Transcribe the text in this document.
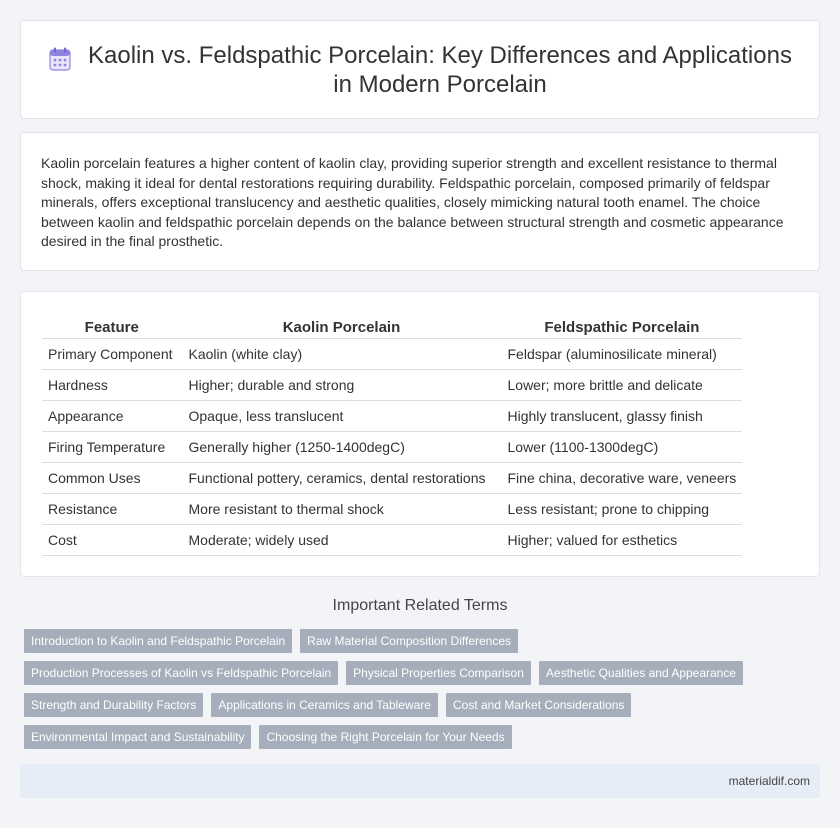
Kaolin vs. Feldspathic Porcelain: Key Differences and Applications in Modern Porcelain

Kaolin porcelain features a higher content of kaolin clay, providing superior strength and excellent resistance to thermal shock, making it ideal for dental restorations requiring durability. Feldspathic porcelain, composed primarily of feldspar minerals, offers exceptional translucency and aesthetic qualities, closely mimicking natural tooth enamel. The choice between kaolin and feldspathic porcelain depends on the balance between structural strength and cosmetic appearance desired in the final prosthetic.

Feature	Kaolin Porcelain	Feldspathic Porcelain
Primary Component	Kaolin (white clay)	Feldspar (aluminosilicate mineral)
Hardness	Higher; durable and strong	Lower; more brittle and delicate
Appearance	Opaque, less translucent	Highly translucent, glassy finish
Firing Temperature	Generally higher (1250-1400degC)	Lower (1100-1300degC)
Common Uses	Functional pottery, ceramics, dental restorations	Fine china, decorative ware, veneers
Resistance	More resistant to thermal shock	Less resistant; prone to chipping
Cost	Moderate; widely used	Higher; valued for esthetics
Important Related Terms
Introduction to Kaolin and Feldspathic Porcelain	Raw Material Composition Differences
Production Processes of Kaolin vs Feldspathic Porcelain	Physical Properties Comparison	Aesthetic Qualities and Appearance
Strength and Durability Factors	Applications in Ceramics and Tableware	Cost and Market Considerations
Environmental Impact and Sustainability	Choosing the Right Porcelain for Your Needs
materialdif.com
